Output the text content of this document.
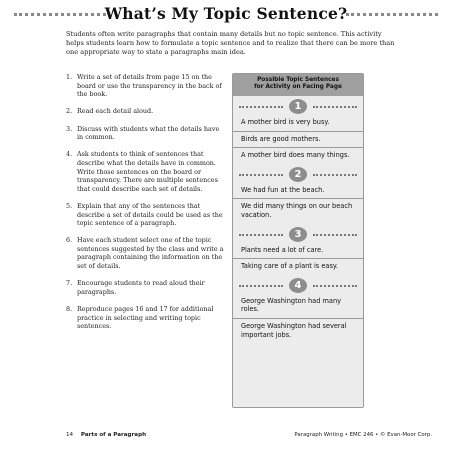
What’s My Topic Sentence?

Students often write paragraphs that contain many details but no topic sentence. This activity helps students learn how to formulate a topic sentence and to realize that there can be more than one appropriate way to state a paragraphs main idea.

1. Write a set of details from page 15 on the board or use the transparency in the back of the book.
2. Read each detail aloud.
3. Discuss with students what the details have in common.
4. Ask students to think of sentences that describe what the details have in common. Write those sentences on the board or transparency. There are multiple sentences that could describe each set of details.
5. Explain that any of the sentences that describe a set of details could be used as the topic sentence of a paragraph.
6. Have each student select one of the topic sentences suggested by the class and write a paragraph containing the information on the set of details.
7. Encourage students to read aloud their paragraphs.
8. Reproduce pages 16 and 17 for additional practice in selecting and writing topic sentences.
Possible Topic Sentences
for Activity on Facing Page
1
A mother bird is very busy.
Birds are good mothers.
A mother bird does many things.
2
We had fun at the beach.
We did many things on our beach vacation.
3
Plants need a lot of care.
Taking care of a plant is easy.
4
George Washington had many roles.
George Washington had several important jobs.
14 Parts of a Paragraph	Paragraph Writing • EMC 246 • © Evan-Moor Corp.
